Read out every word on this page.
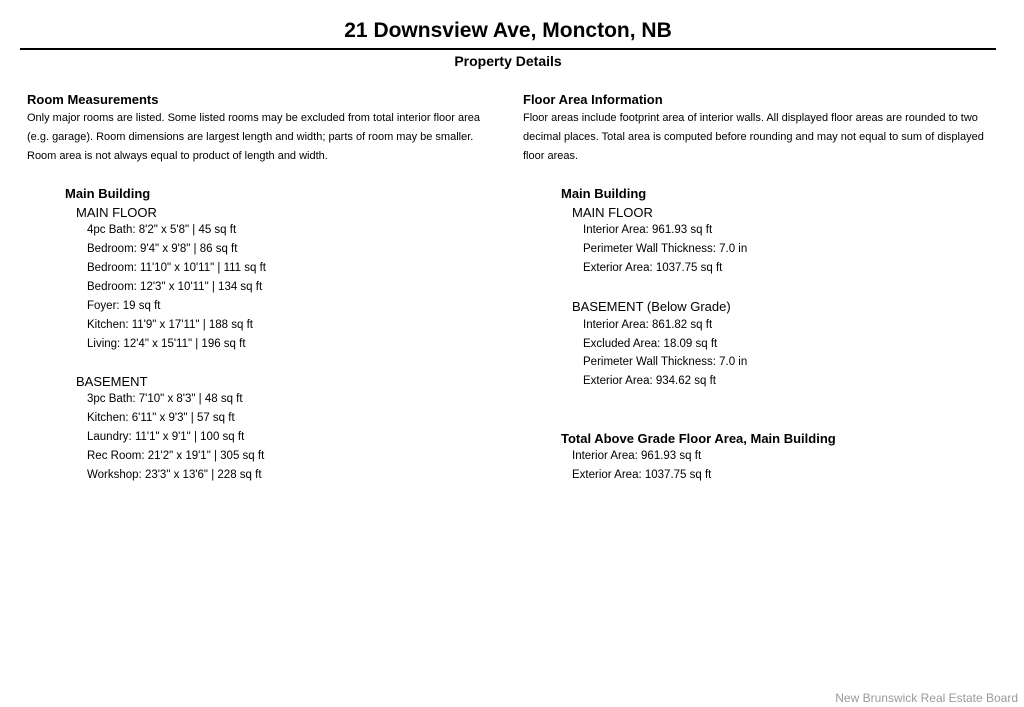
21 Downsview Ave, Moncton, NB
Property Details
Room Measurements
Only major rooms are listed. Some listed rooms may be excluded from total interior floor area (e.g. garage). Room dimensions are largest length and width; parts of room may be smaller. Room area is not always equal to product of length and width.
Main Building
MAIN FLOOR
4pc Bath: 8'2" x 5'8" | 45 sq ft
Bedroom: 9'4" x 9'8" | 86 sq ft
Bedroom: 11'10" x 10'11" | 111 sq ft
Bedroom: 12'3" x 10'11" | 134 sq ft
Foyer: 19 sq ft
Kitchen: 11'9" x 17'11" | 188 sq ft
Living: 12'4" x 15'11" | 196 sq ft
BASEMENT
3pc Bath: 7'10" x 8'3" | 48 sq ft
Kitchen: 6'11" x 9'3" | 57 sq ft
Laundry: 11'1" x 9'1" | 100 sq ft
Rec Room: 21'2" x 19'1" | 305 sq ft
Workshop: 23'3" x 13'6" | 228 sq ft
Floor Area Information
Floor areas include footprint area of interior walls. All displayed floor areas are rounded to two decimal places. Total area is computed before rounding and may not equal to sum of displayed floor areas.
Main Building
MAIN FLOOR
Interior Area: 961.93 sq ft
Perimeter Wall Thickness: 7.0 in
Exterior Area: 1037.75 sq ft
BASEMENT (Below Grade)
Interior Area: 861.82 sq ft
Excluded Area: 18.09 sq ft
Perimeter Wall Thickness: 7.0 in
Exterior Area: 934.62 sq ft
Total Above Grade Floor Area, Main Building
Interior Area: 961.93 sq ft
Exterior Area: 1037.75 sq ft
New Brunswick Real Estate Board
